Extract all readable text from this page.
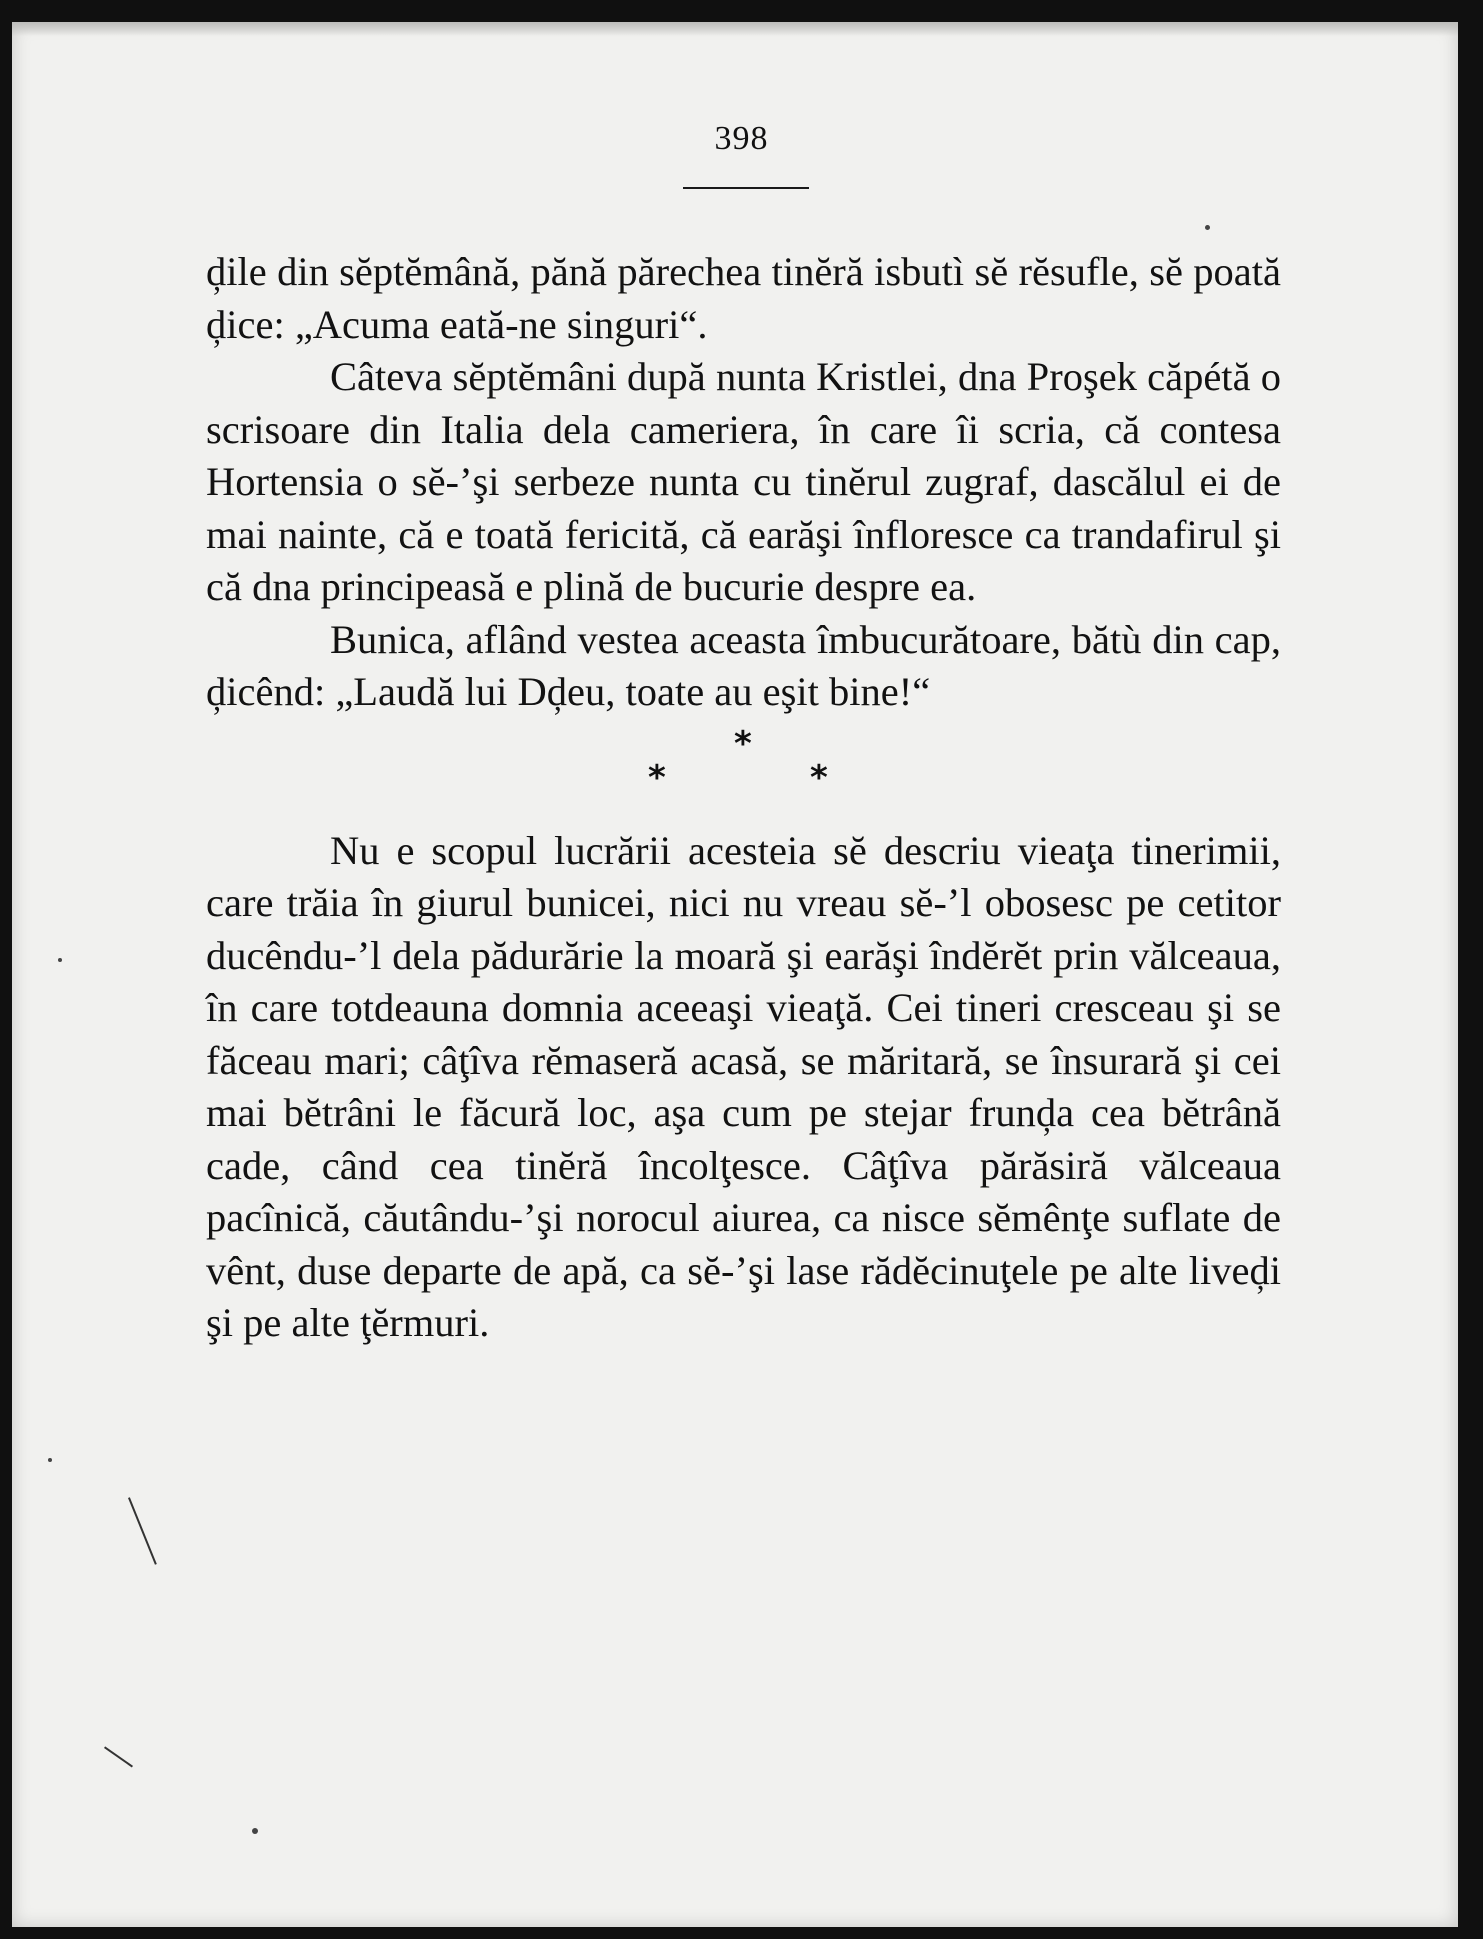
398

ḑile din sĕptĕmână, pănă părechea tinĕră isbutì sĕ rĕsufle, sĕ poată ḑice: „Acuma eată-ne singuri“.

Câteva sĕptĕmâni după nunta Kristlei, dna Proşek căpétă o scrisoare din Italia dela cameriera, în care îi scria, că contesa Hortensia o sĕ-’şi serbeze nunta cu tinĕrul zugraf, dascălul ei de mai nainte, că e toată fericită, că earăşi înfloresce ca trandafirul şi că dna principeasă e plină de bucurie despre ea.

Bunica, aflând vestea aceasta îmbucurătoare, bătù din cap, ḑicênd: „Laudă lui Dḑeu, toate au eşit bine!“

*
*	*

Nu e scopul lucrării acesteia sĕ descriu vieaţa tinerimii, care trăia în giurul bunicei, nici nu vreau sĕ-’l obosesc pe cetitor ducêndu-’l dela pădurărie la moară şi earăşi îndĕrĕt prin vălceaua, în care totdeauna domnia aceeaşi vieaţă. Cei tineri cresceau şi se făceau mari; câţîva rĕmaseră acasă, se măritară, se însurară şi cei mai bĕtrâni le făcură loc, aşa cum pe stejar frunḑa cea bĕtrână cade, când cea tinĕră încolţesce. Câţîva părăsiră vălceaua pacînică, căutându-’şi norocul aiurea, ca nisce sĕmênţe suflate de vênt, duse departe de apă, ca sĕ-’şi lase rădĕcinuţele pe alte liveḑi şi pe alte ţĕrmuri.
